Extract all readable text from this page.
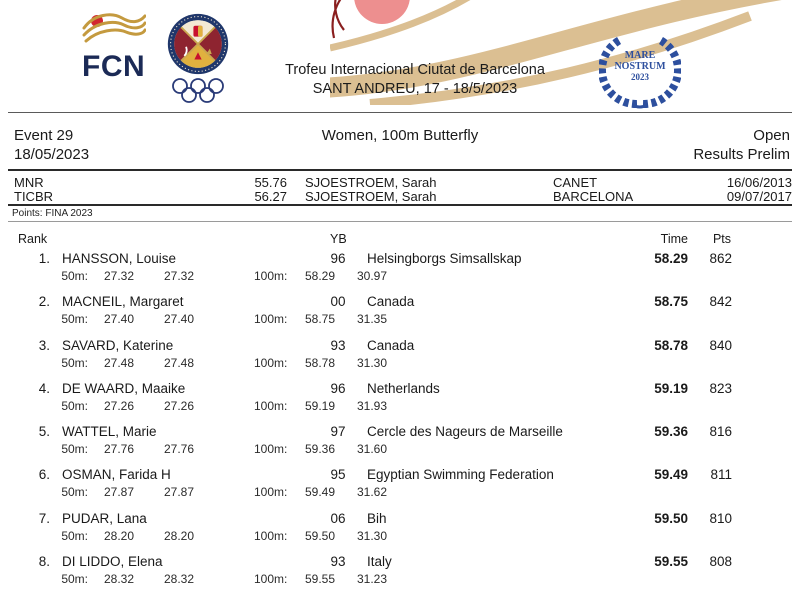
FCN
	Trofeu Internacional Ciutat de Barcelona
SANT ANDREU, 17 - 18/5/2023
MARE
NOSTRUM
2023
Event 29
18/05/2023
Women, 100m Butterfly	Open
Results Prelim
MNR	55.76 SJOESTROEM, Sarah	CANET	16/06/2013
TICBR	56.27 SJOESTROEM, Sarah	BARCELONA	09/07/2017
Points: FINA 2023
Rank	YB	Time	Pts
1. HANSSON, Louise	96	Helsingborgs Simsallskap	58.29	862
50m: 27.32 27.32	100m: 58.29 30.97
2. MACNEIL, Margaret	00	Canada	58.75	842
50m: 27.40 27.40	100m: 58.75 31.35
3. SAVARD, Katerine	93	Canada	58.78	840
50m: 27.48 27.48	100m: 58.78 31.30
4. DE WAARD, Maaike	96	Netherlands	59.19	823
50m: 27.26 27.26	100m: 59.19 31.93
5. WATTEL, Marie	97	Cercle des Nageurs de Marseille	59.36	816
50m: 27.76 27.76	100m: 59.36 31.60
6. OSMAN, Farida H	95	Egyptian Swimming Federation	59.49	811
50m: 27.87 27.87	100m: 59.49 31.62
7. PUDAR, Lana	06	Bih	59.50	810
50m: 28.20 28.20	100m: 59.50 31.30
8. DI LIDDO, Elena	93	Italy	59.55	808
50m: 28.32 28.32	100m: 59.55 31.23
